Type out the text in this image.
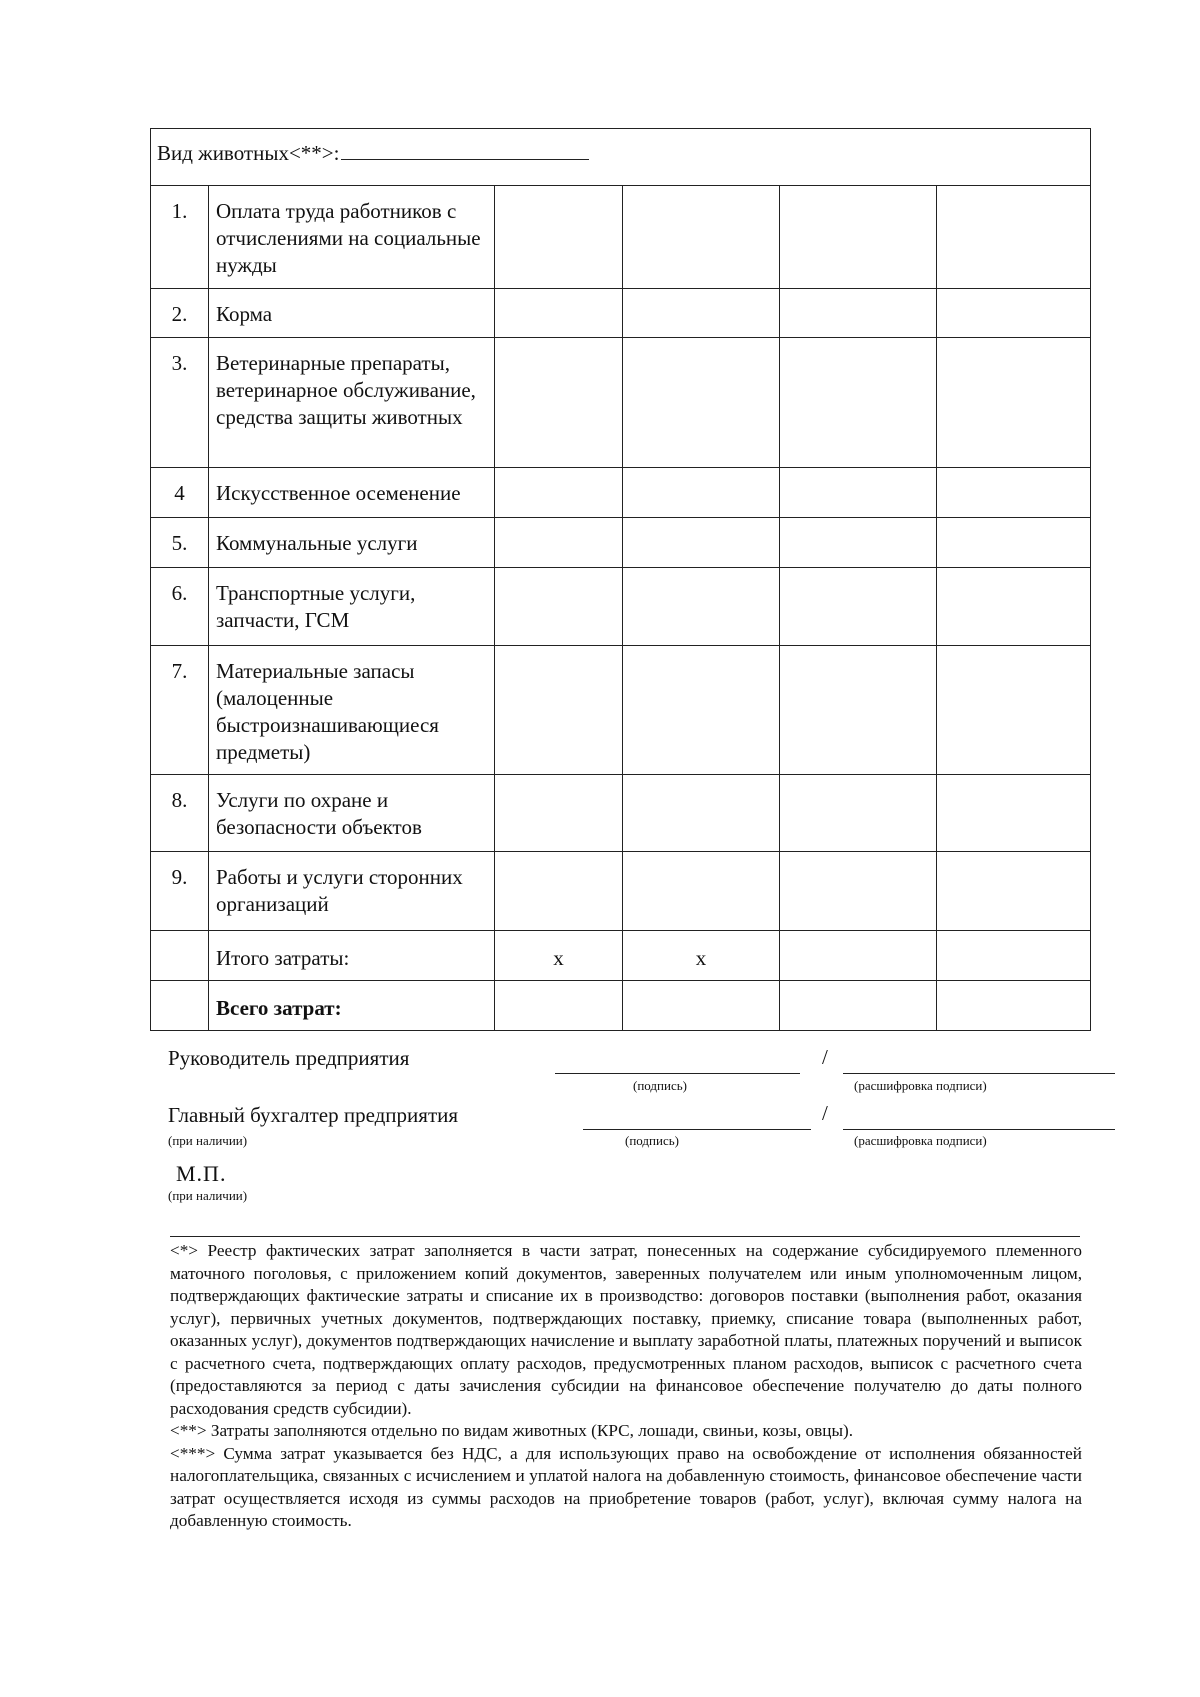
Вид животных<**>:					
1.	Оплата труда работников с отчислениями на социальные нужды				
2.	Корма				
3.	Ветеринарные препараты, ветеринарное обслуживание, средства защиты животных				
4	Искусственное осеменение				
5.	Коммунальные услуги				
6.	Транспортные услуги, запчасти, ГСМ				
7.	Материальные запасы (малоценные быстроизнашивающиеся предметы)				
8.	Услуги по охране и безопасности объектов				
9.	Работы и услуги сторонних организаций				
	Итого затраты:	x	x		
	Всего затрат:				
Руководитель предприятия	/
(подпись)	(расшифровка подписи)
Главный бухгалтер предприятия
(при наличии)
/
(подпись)	(расшифровка подписи)
М.П.
(при наличии)

<*> Реестр фактических затрат заполняется в части затрат, понесенных на содержание субсидируемого племенного маточного поголовья, с приложением копий документов, заверенных получателем или иным уполномоченным лицом, подтверждающих фактические затраты и списание их в производство: договоров поставки (выполнения работ, оказания услуг), первичных учетных документов, подтверждающих поставку, приемку, списание товара (выполненных работ, оказанных услуг), документов подтверждающих начисление и выплату заработной платы, платежных поручений и выписок с расчетного счета, подтверждающих оплату расходов, предусмотренных планом расходов, выписок с расчетного счета (предоставляются за период с даты зачисления субсидии на финансовое обеспечение получателю до даты полного расходования средств субсидии).

<**> Затраты заполняются отдельно по видам животных (КРС, лошади, свиньи, козы, овцы).

<***> Сумма затрат указывается без НДС, а для использующих право на освобождение от исполнения обязанностей налогоплательщика, связанных с исчислением и уплатой налога на добавленную стоимость, финансовое обеспечение части затрат осуществляется исходя из суммы расходов на приобретение товаров (работ, услуг), включая сумму налога на добавленную стоимость.
